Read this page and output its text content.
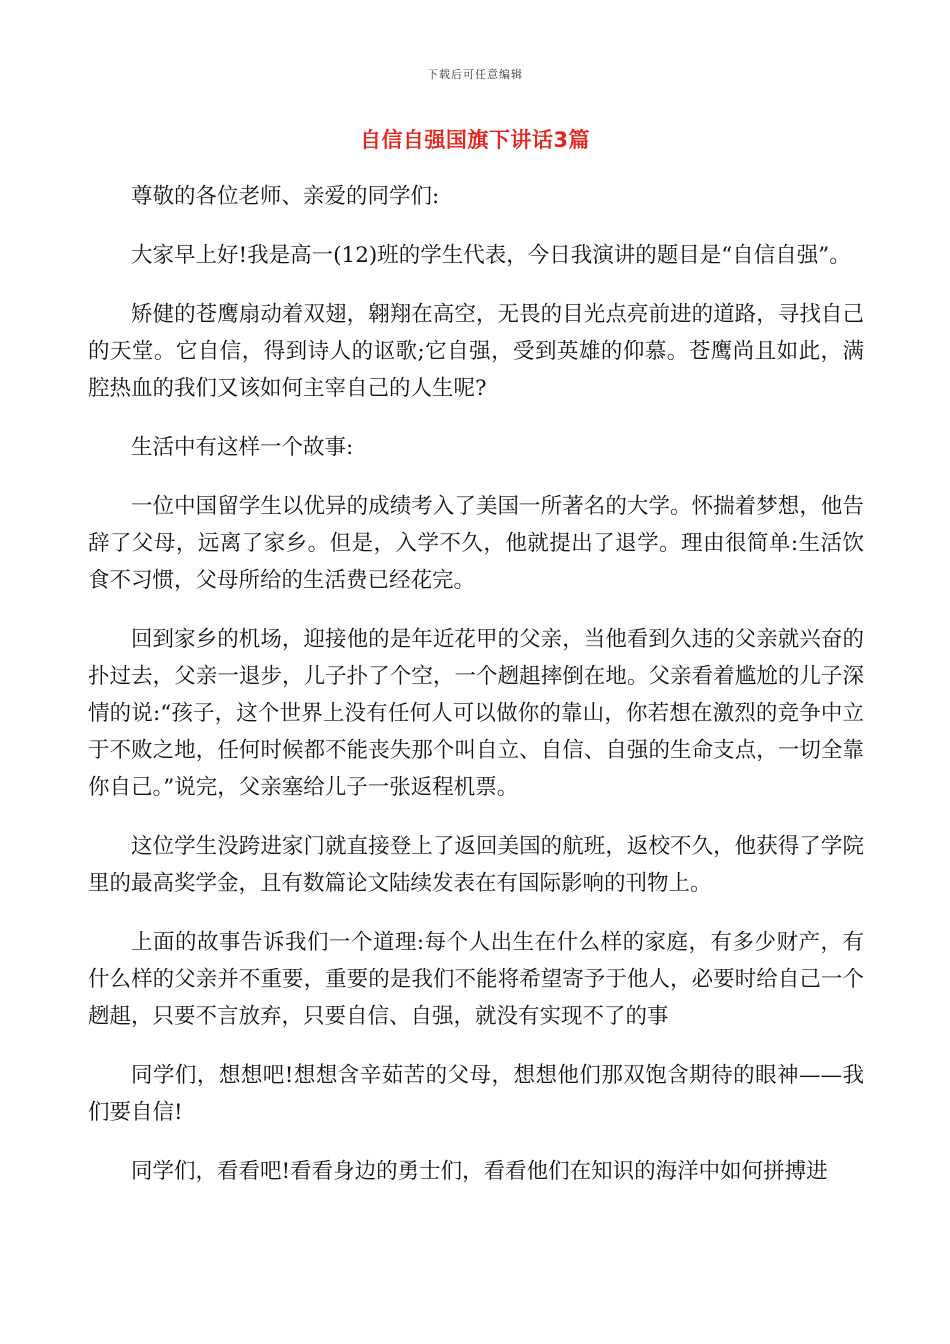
下载后可任意编辑
自信自强国旗下讲话3篇

尊敬的各位老师、亲爱的同学们:

大家早上好!我是高一(12)班的学生代表，今日我演讲的题目是“自信自强”。

矫健的苍鹰扇动着双翅，翱翔在高空，无畏的目光点亮前进的道路，寻找自己的天堂。它自信，得到诗人的讴歌;它自强，受到英雄的仰慕。苍鹰尚且如此，满腔热血的我们又该如何主宰自己的人生呢?

生活中有这样一个故事:

一位中国留学生以优异的成绩考入了美国一所著名的大学。怀揣着梦想，他告辞了父母，远离了家乡。但是，入学不久，他就提出了退学。理由很简单:生活饮食不习惯，父母所给的生活费已经花完。

回到家乡的机场，迎接他的是年近花甲的父亲，当他看到久违的父亲就兴奋的扑过去，父亲一退步，儿子扑了个空，一个趔趄摔倒在地。父亲看着尴尬的儿子深情的说:“孩子，这个世界上没有任何人可以做你的靠山，你若想在激烈的竞争中立于不败之地，任何时候都不能丧失那个叫自立、自信、自强的生命支点，一切全靠你自己。”说完，父亲塞给儿子一张返程机票。

这位学生没跨进家门就直接登上了返回美国的航班，返校不久，他获得了学院里的最高奖学金，且有数篇论文陆续发表在有国际影响的刊物上。

上面的故事告诉我们一个道理:每个人出生在什么样的家庭，有多少财产，有什么样的父亲并不重要，重要的是我们不能将希望寄予于他人，必要时给自己一个趔趄，只要不言放弃，只要自信、自强，就没有实现不了的事

同学们，想想吧!想想含辛茹苦的父母，想想他们那双饱含期待的眼神——我们要自信!

同学们，看看吧!看看身边的勇士们，看看他们在知识的海洋中如何拼搏进
